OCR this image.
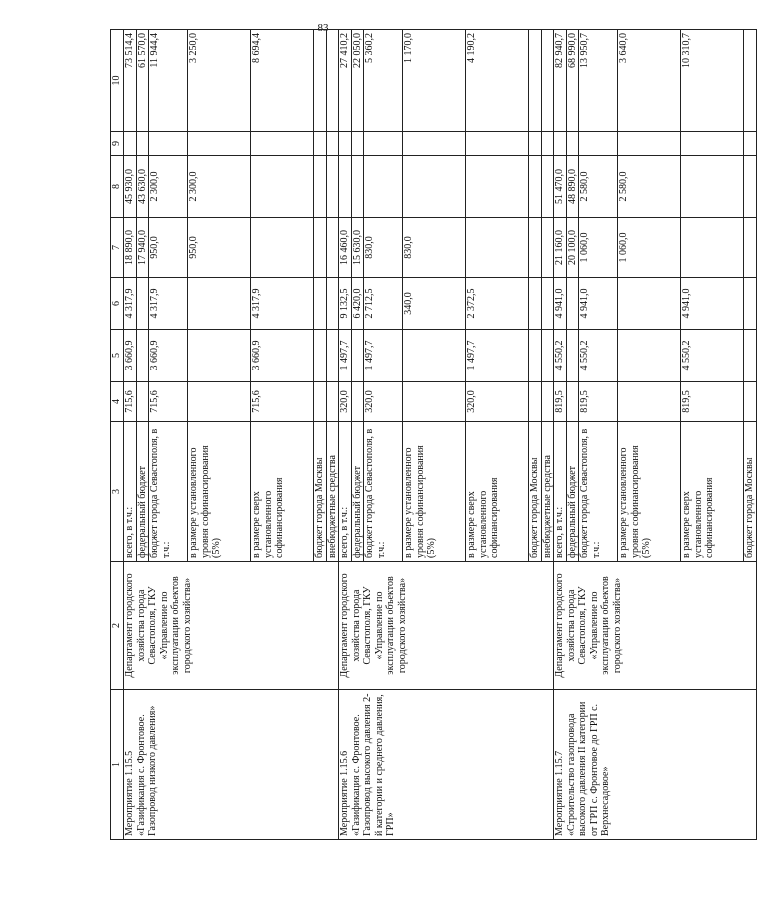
83
1	2	3	4	5	6	7	8	9	10
Мероприятие 1.15.5 «Газификация с. Фронтовое. Газопровод низкого давления»	Департамент городского хозяйства города Севастополя, ГКУ «Управление по эксплуатации объектов городского хозяйства»	всего, в т.ч.:	715,6	3 660,9	4 317,9	18 890,0	45 930,0		73 514,4
		федеральный бюджет				17 940,0	43 630,0		61 570,0
		бюджет города Севастополя, в т.ч.:	715,6	3 660,9	4 317,9	950,0	2 300,0		11 944,4
		в размере установленного уровня софинансирования (5%)				950,0	2 300,0		3 250,0
		в размере сверх установленного софинансирования	715,6	3 660,9	4 317,9				8 694,4
		бюджет города Москвы							
		внебюджетные средства							
Мероприятие 1.15.6 «Газификация с. Фронтовое. Газопровод высокого давления 2-й категории и среднего давления, ГРП»	Департамент городского хозяйства города Севастополя, ГКУ «Управление по эксплуатации объектов городского хозяйства»	всего, в т.ч.:	320,0	1 497,7	9 132,5	16 460,0			27 410,2
		федеральный бюджет			6 420,0	15 630,0			22 050,0
		бюджет города Севастополя, в т.ч.:	320,0	1 497,7	2 712,5	830,0			5 360,2
		в размере установленного уровня софинансирования (5%)			340,0	830,0			1 170,0
		в размере сверх установленного софинансирования	320,0	1 497,7	2 372,5				4 190,2
		бюджет города Москвы							
		внебюджетные средства							
Мероприятие 1.15.7 «Строительство газопровода высокого давления II категории от ГРП с. Фронтовое до ГРП с. Верхнесадовое»	Департамент городского хозяйства города Севастополя, ГКУ «Управление по эксплуатации объектов городского хозяйства»	всего, в т.ч.:	819,5	4 550,2	4 941,0	21 160,0	51 470,0		82 940,7
		федеральный бюджет				20 100,0	48 890,0		68 990,0
		бюджет города Севастополя, в т.ч.:	819,5	4 550,2	4 941,0	1 060,0	2 580,0		13 950,7
		в размере установленного уровня софинансирования (5%)				1 060,0	2 580,0		3 640,0
		в размере сверх установленного софинансирования	819,5	4 550,2	4 941,0				10 310,7
		бюджет города Москвы							
